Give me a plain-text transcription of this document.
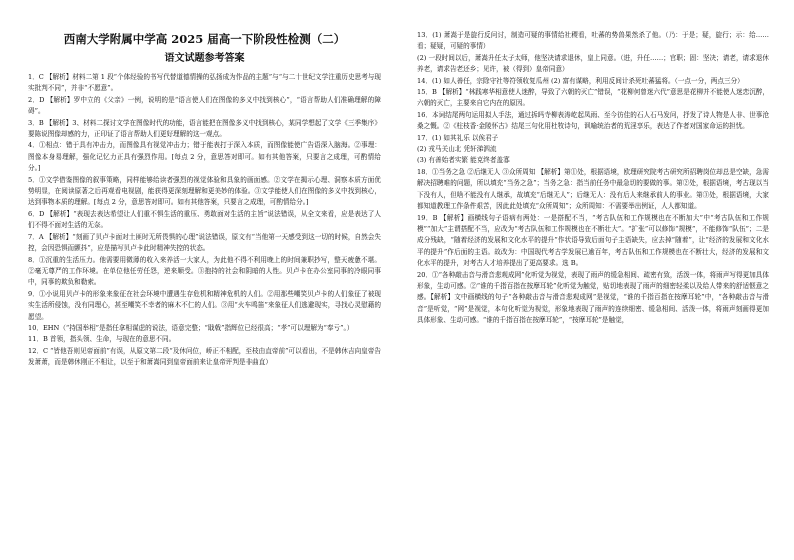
西南大学附属中学高 2025 届高一下阶段性检测（二）

语文试题参考答案

1．C 【解析】材料二第 1 段“个体经验的书写代替道德情操的弘扬成为作品的主题”与“与二十世纪文学注重历史思考与现实批判不同”，并非“不愿意”。

2．D 【解析】罗中立的《父亲》一例，说明的是“语言使人们在图像的多义中找到核心”，“语言帮助人们准确理解的障碍”。

3．B 【解析】3、材料二探讨文学在图像时代的功能，语言能把在图像多义中找到核心，某同学想起了文学《三季集序》要陈说图像却感的力，正印证了语言帮助人们更好理解的这一观点。

4．①相点：错于具有冲击力，而图像具有视觉冲击力；错于能表打于深入本质，而图像能使广告语深入脑海。②事理：图像本身易理解，强化记忆力正具有强烈作用。[每点 2 分，意思答对即可。如有其他答案，只要言之成理，可酌情给分。]

5．①文学借鉴图像的叙事策略，同样能够给读者强烈的视觉体验和具象的画面感。②文学在揭示心理、洞察本质方面优势明显，在阅读原著之后再观看电视剧，能获得更深刻理解和更美妙的体验。③文学能使人们在图像的多义中找到核心，达到事物本质的理解。[每点 2 分，意思答对即可。如有其他答案，只要言之成理，可酌情给分。]

6．D 【解析】“表现去表达希望让人们重不惧生活的重压、勇敢面对生活的主旨”说法错误，从全文来看，应是表达了人们不得不面对生活的无奈。

7．A 【解析】“刻画了贝卢卡面对土匪时无所畏惧的心理”说法错误，原文有“当他第一天感受到这一切的时候，自然会失控，会因恐惧而颤抖”，应是描写贝卢卡此时精神失控的状态。

8．①沉重的生活压力。他需要用微薄的收入来养活一大家人，为此他不得不利用晚上的时间兼职抄写，整天疲惫不堪。②毫无尊严的工作环境。在单位他任劳任怨，逆来顺受。③抱持的社会和阴暗的人性。贝卢卡在办公室同事的冷眼同事中，同事的欺负和勒索。

9．①小说用贝卢卡的形象来象征在社会环境中遭遇生存危机和精神危机的人们。②用那些嘲笑贝卢卡的人们象征了被现实生活所侵蚀，没有同理心，甚至嘲笑不幸者的麻木不仁的人们。③用“火车鸣笛”来象征人们逃避现实，寻找心灵慰藉的愿望。

10．EHN（“持国举相”是指任拿相谋虑的说法，语意完整；“戢戟”指辉位已经很高；“孝”可以理解为“奉亏”。）

11．B 首领，指头领、生命，与现在的意思不同。

12．C “皆他吾则见帝面前”有误，从原文第二段“及休问位，峤正不相配，至枝由直帝前”可以看出，不是韩休吉向皇帝告发萧萧，而是韩休刚正不相让，以至于和萧嵩同到皇帝面前来让皇帝评判是非曲直）

13．(1) 萧嵩于是旋行反问讨，制造可疑的事情给社稷看，吐蕃的势兽果然杀了他。（乃：于是；疑，旋行；示：给……看；疑疑，可疑的事情）

(2) 一段时间以后，萧嵩升任太子太师，他坚决请求退休，皇上同意。（进，升任……；官职；固：坚决；请老，请求退休养老，请求告老还乡；见许，被（得到）皇帝同意）

14．(1) 如人善任，宗除守社等符领收复瓜州 (2) 富有谋略，利用反间计杀死吐蕃猛将。（一点一分，两点三分）

15．B 【解析】“林践寒华相意使人迷醉，导致了六朝的灭亡”错误，“花柳何曾迷六代”意思是花柳并不能使人迷恋沉醉，六朝的灭亡，主要来自它内在的原因。

16．本词结尾两句运用拟人手法，通过拆吗寺柳表涛屹起凤雨、至今彷佳的石人石马发问，抒发了诗人物是人非、世事沧桑之慨。②《柱枝香·金陵怀古》结尾三句化用杜牧诗句，讽喻统治者的荒淫享乐，表达了作者对国家命运的担忧。

17．(1) 如其礼乐 以俟君子

(2) 戎马关山北 凭轩涕泗流

(3) 有善始者实繁 能克终者盖寡

18．①当务之急 ②后继无人 ③众所周知 【解析】第①处，根据语境，欧理研究院考古研究所招聘岗位却总是空缺，急需解决招聘难的问题，所以填充“当务之急”；当务之急：指当前任务中最急切的要做的事。第②处，根据语境，考古现以当下没有人，但啥不能没有人继承，故填充“后继无人”；后继无人：没有后人来继承前人的事业。第③处，根据语境，大家都知道教理工作条件艰苦，因此此处填充“众所周知”；众所周知：不需要举出例证，人人都知道。

19．B 【解析】画横线句子语病有两处：一是搭配不当，“考古队伍和工作规模也在不断加大”中“考古队伍和工作规模”“加大”主谓搭配不当，应改为“考古队伍和工作规模也在不断壮大”。“扩张”可以修饰“规模”，不能修饰“队伍”；二是成分残缺，“随着经济的发展和文化水平的提升”作状语导致后面句子主语缺失，应去掉“随着”，让“经济的发展和文化水平的提升”作后面的主语。故改为：中国现代考古学发展已逾百年，考古队伍和工作规模也在不断壮大，经济的发展和文化水平的提升，对考古人才培养提出了更高要求。选 B。

20．①“各种敲击音与滑音悲观成网”化听觉为视觉，表现了雨声的缓急相间、疏密有致，活泼一体，将雨声写得更加具体形象，生动可感。②“谁的千指百指在按摩耳轮”化听觉为触觉，贴切地表现了雨声的细密轻柔以及给人带来的舒适惬意之感。【解析】文中画横线的句子“各种敲击音与滑音悲观成网”是视觉，“谁的千指百指在按摩耳轮”中，“各种敲击音与滑音”是听觉，“网”是视觉，本句化听觉为视觉，形象地表现了雨声的连续细密、缓急相间、活泼一体，将雨声刻画得更加具体形象、生动可感。“谁的千指百指在按摩耳轮”，“按摩耳轮”是触觉，
